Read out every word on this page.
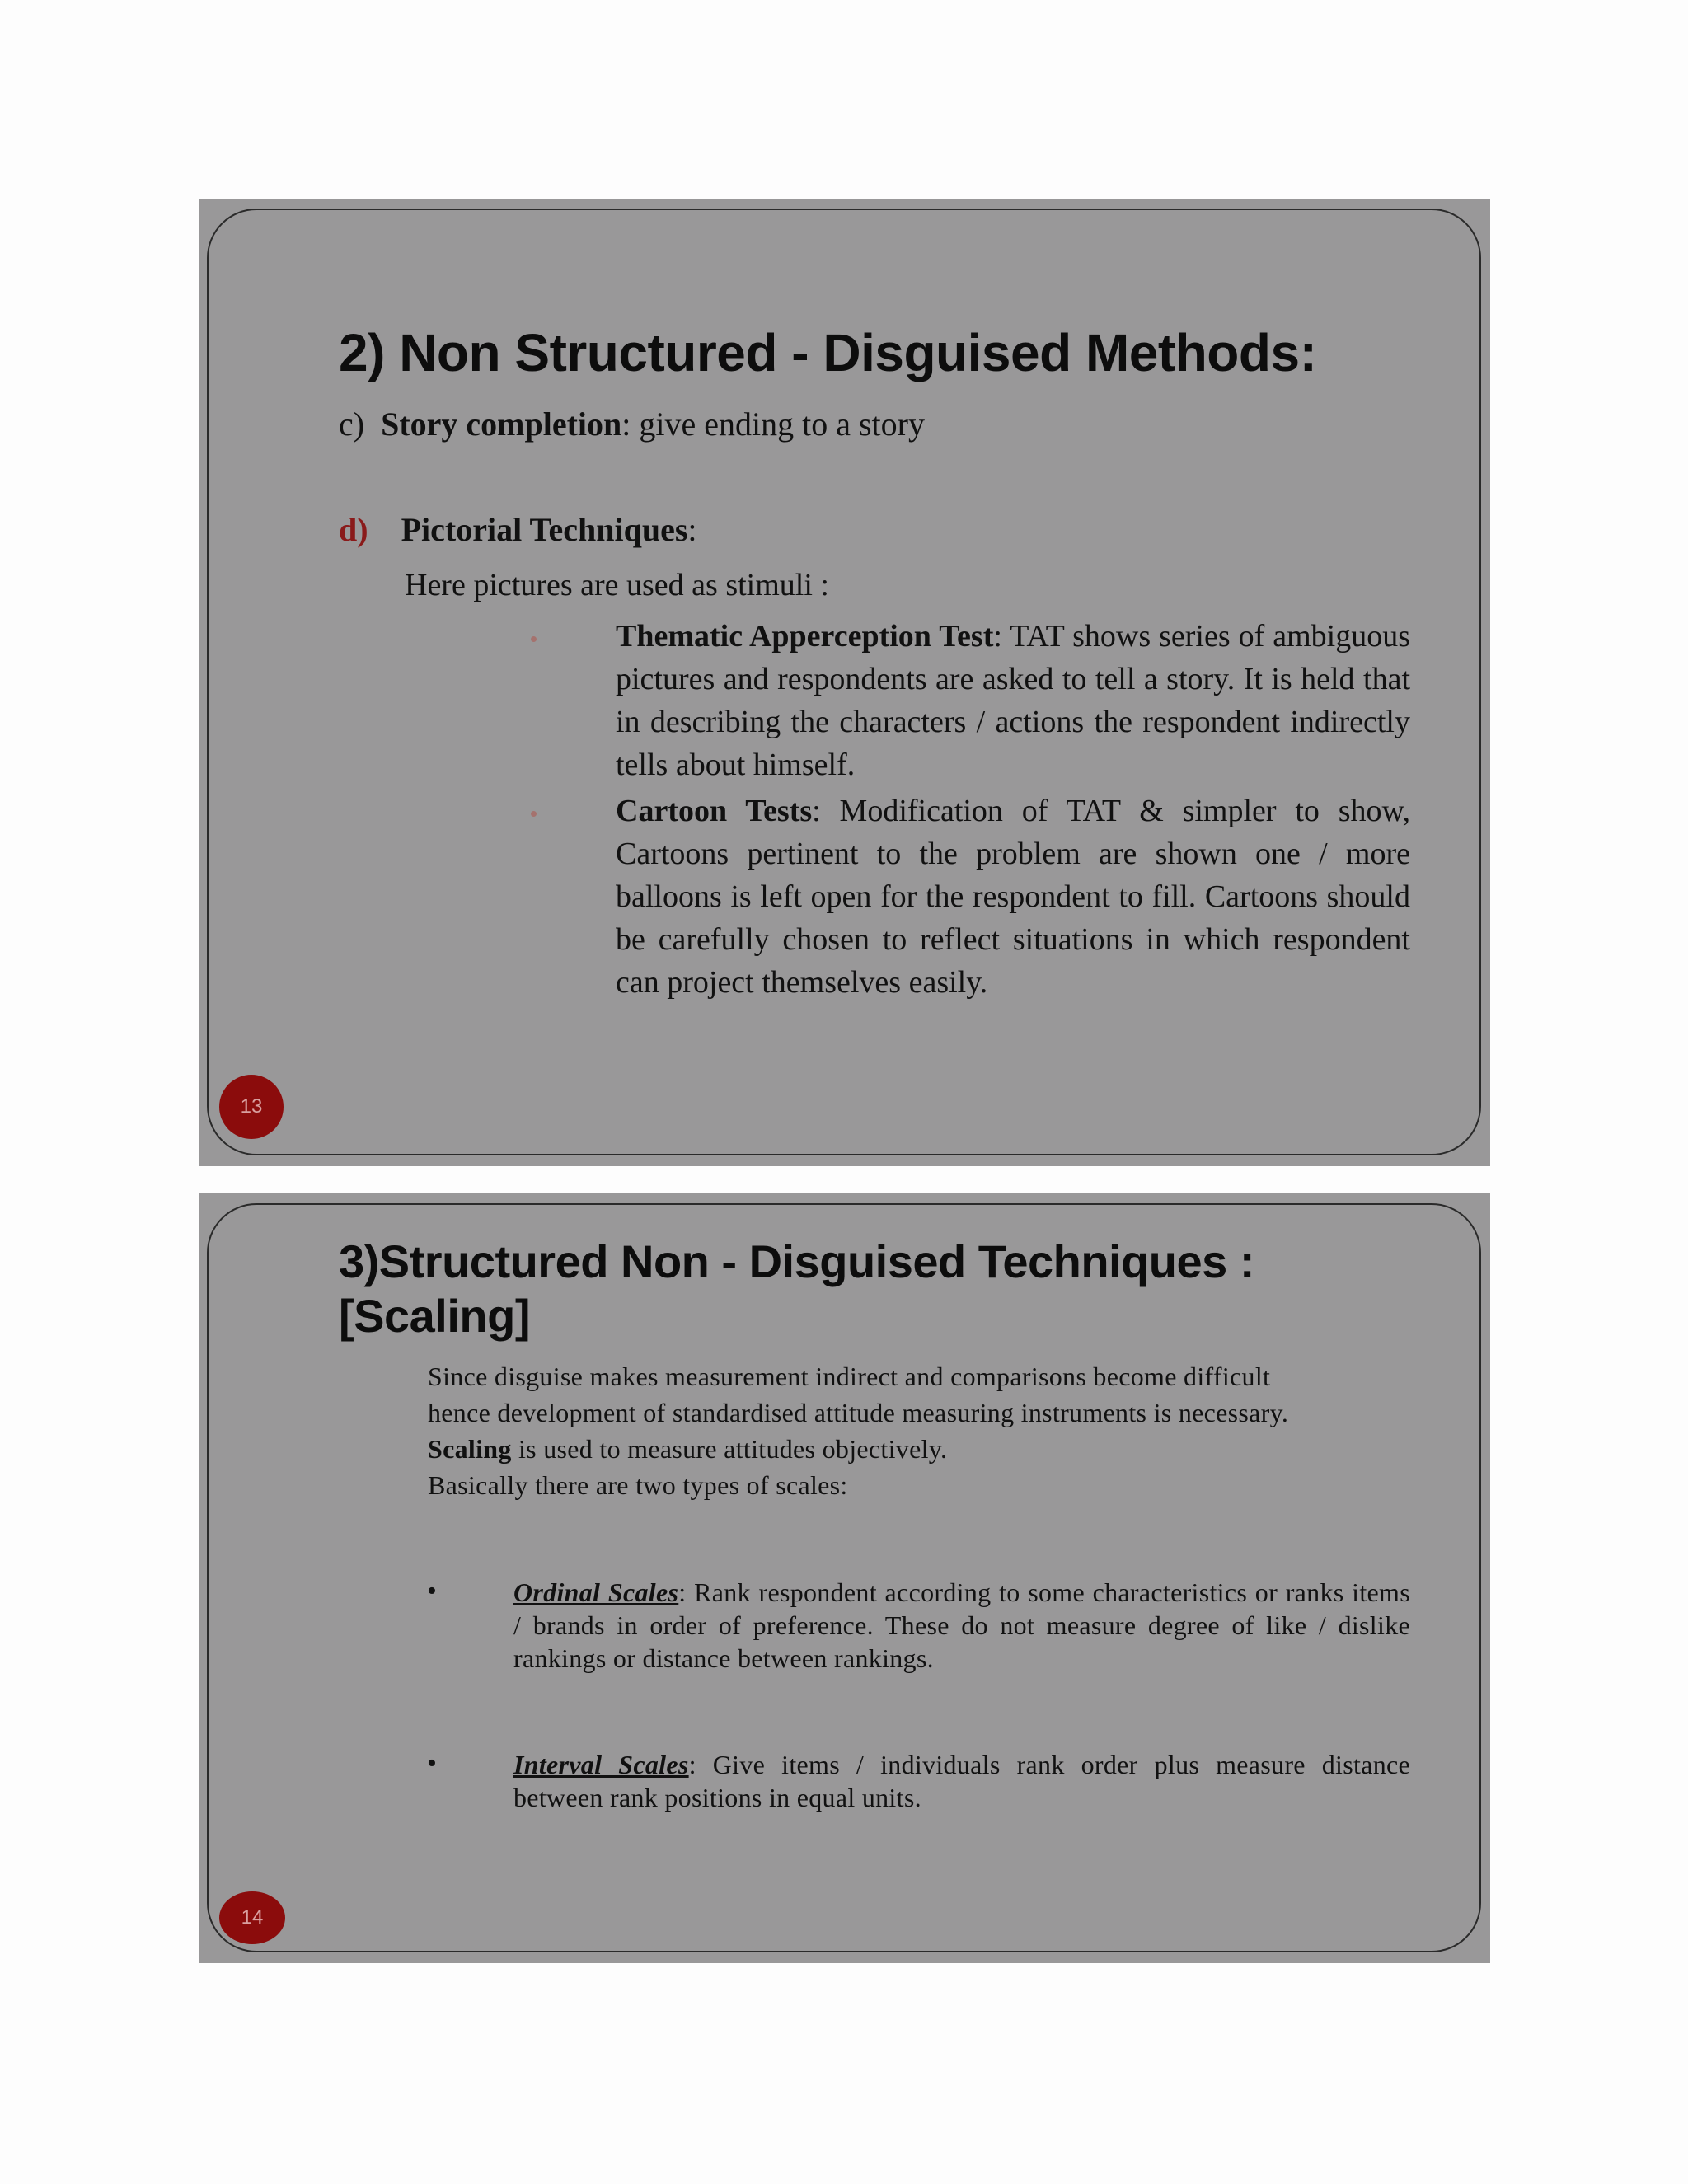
2) Non Structured - Disguised Methods:

c) Story completion: give ending to a story

d) Pictorial Techniques:

Here pictures are used as stimuli :

Thematic Apperception Test: TAT shows series of ambiguous pictures and respondents are asked to tell a story. It is held that in describing the characters / actions the respondent indirectly tells about himself.

Cartoon Tests: Modification of TAT & simpler to show, Cartoons pertinent to the problem are shown one / more balloons is left open for the respondent to fill. Cartoons should be carefully chosen to reflect situations in which respondent can project themselves easily.

13
3)Structured Non - Disguised Techniques :
[Scaling]

Since disguise makes measurement indirect and comparisons become difficult hence development of standardised attitude measuring instruments is necessary.

Scaling is used to measure attitudes objectively.

Basically there are two types of scales:

•	Ordinal Scales: Rank respondent according to some characteristics or ranks items / brands in order of preference. These do not measure degree of like / dislike rankings or distance between rankings.

•	Interval Scales: Give items / individuals rank order plus measure distance between rank positions in equal units.

14
